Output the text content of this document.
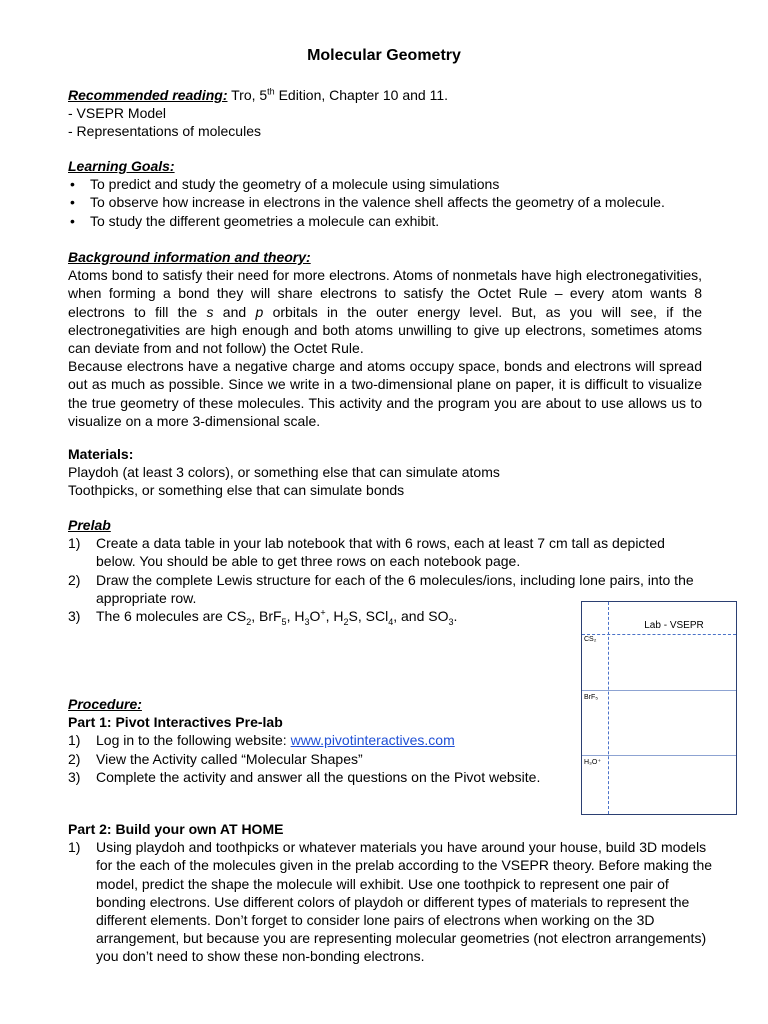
Molecular Geometry
Recommended reading: Tro, 5th Edition, Chapter 10 and 11.
- VSEPR Model
- Representations of molecules
Learning Goals:
• To predict and study the geometry of a molecule using simulations
• To observe how increase in electrons in the valence shell affects the geometry of a molecule.
• To study the different geometries a molecule can exhibit.
Background information and theory:
Atoms bond to satisfy their need for more electrons. Atoms of nonmetals have high electronegativities, when forming a bond they will share electrons to satisfy the Octet Rule – every atom wants 8 electrons to fill the s and p orbitals in the outer energy level. But, as you will see, if the electronegativities are high enough and both atoms unwilling to give up electrons, sometimes atoms can deviate from and not follow) the Octet Rule.
Because electrons have a negative charge and atoms occupy space, bonds and electrons will spread out as much as possible. Since we write in a two-dimensional plane on paper, it is difficult to visualize the true geometry of these molecules. This activity and the program you are about to use allows us to visualize on a more 3-dimensional scale.
Materials:
Playdoh (at least 3 colors), or something else that can simulate atoms
Toothpicks, or something else that can simulate bonds
Prelab
1) Create a data table in your lab notebook that with 6 rows, each at least 7 cm tall as depicted below. You should be able to get three rows on each notebook page.
2) Draw the complete Lewis structure for each of the 6 molecules/ions, including lone pairs, into the appropriate row.
3) The 6 molecules are $CS_2$, BrF$_5$, $H_3O^+$, $H_2S$, SCl$_4$, and $SO_3$.
Lab - VSEPR
CS₂
BrF₅
H₃O⁺
Procedure:
Part 1: Pivot Interactives Pre-lab
1) Log in to the following website: www.pivotinteractives.com
2) View the Activity called “Molecular Shapes”
3) Complete the activity and answer all the questions on the Pivot website.
Part 2: Build your own AT HOME
1) Using playdoh and toothpicks or whatever materials you have around your house, build 3D models for the each of the molecules given in the prelab according to the VSEPR theory. Before making the model, predict the shape the molecule will exhibit. Use one toothpick to represent one pair of bonding electrons. Use different colors of playdoh or different types of materials to represent the different elements. Don’t forget to consider lone pairs of electrons when working on the 3D arrangement, but because you are representing molecular geometries (not electron arrangements) you don’t need to show these non-bonding electrons.
